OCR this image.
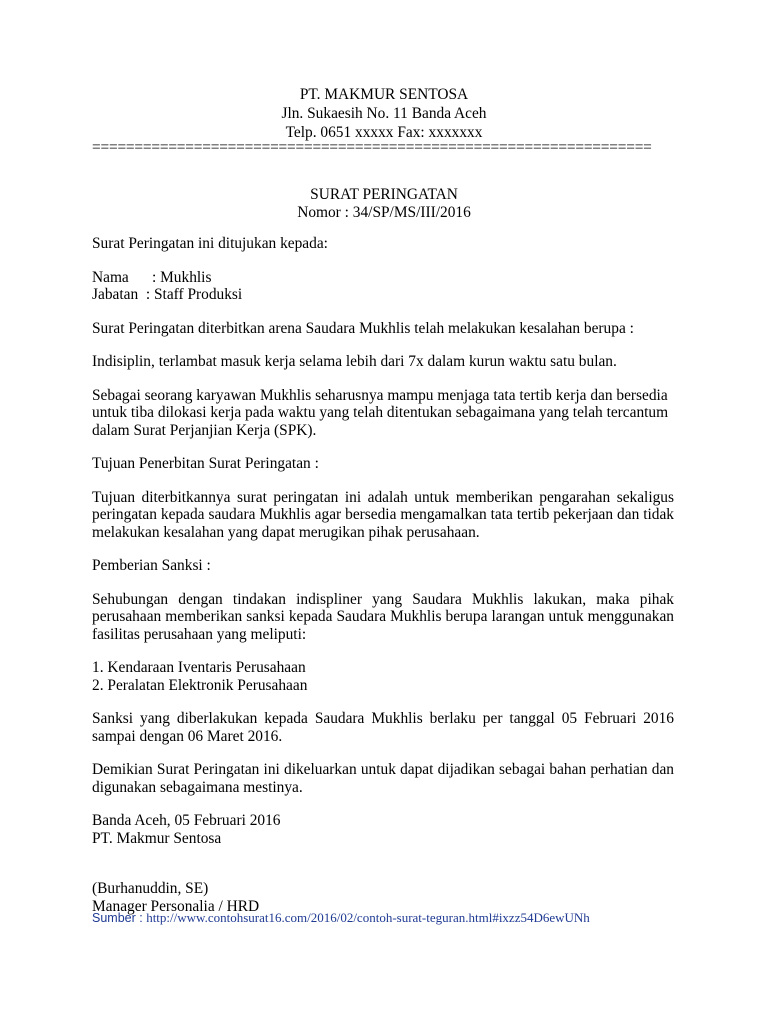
PT. MAKMUR SENTOSA
Jln. Sukaesih No. 11 Banda Aceh
Telp. 0651 xxxxx Fax: xxxxxxx
==================================================================
SURAT PERINGATAN
Nomor : 34/SP/MS/III/2016

Surat Peringatan ini ditujukan kepada:

Nama : Mukhlis
Jabatan : Staff Produksi

Surat Peringatan diterbitkan arena Saudara Mukhlis telah melakukan kesalahan berupa :

Indisiplin, terlambat masuk kerja selama lebih dari 7x dalam kurun waktu satu bulan.

Sebagai seorang karyawan Mukhlis seharusnya mampu menjaga tata tertib kerja dan bersedia
untuk tiba dilokasi kerja pada waktu yang telah ditentukan sebagaimana yang telah tercantum
dalam Surat Perjanjian Kerja (SPK).

Tujuan Penerbitan Surat Peringatan :

Tujuan diterbitkannya surat peringatan ini adalah untuk memberikan pengarahan sekaligus peringatan kepada saudara Mukhlis agar bersedia mengamalkan tata tertib pekerjaan dan tidak melakukan kesalahan yang dapat merugikan pihak perusahaan.

Pemberian Sanksi :

Sehubungan dengan tindakan indispliner yang Saudara Mukhlis lakukan, maka pihak perusahaan memberikan sanksi kepada Saudara Mukhlis berupa larangan untuk menggunakan fasilitas perusahaan yang meliputi:

1. Kendaraan Iventaris Perusahaan
2. Peralatan Elektronik Perusahaan

Sanksi yang diberlakukan kepada Saudara Mukhlis berlaku per tanggal 05 Februari 2016 sampai dengan 06 Maret 2016.

Demikian Surat Peringatan ini dikeluarkan untuk dapat dijadikan sebagai bahan perhatian dan digunakan sebagaimana mestinya.

Banda Aceh, 05 Februari 2016
PT. Makmur Sentosa

(Burhanuddin, SE)
Manager Personalia / HRD

Sumber : http://www.contohsurat16.com/2016/02/contoh-surat-teguran.html#ixzz54D6ewUNh
